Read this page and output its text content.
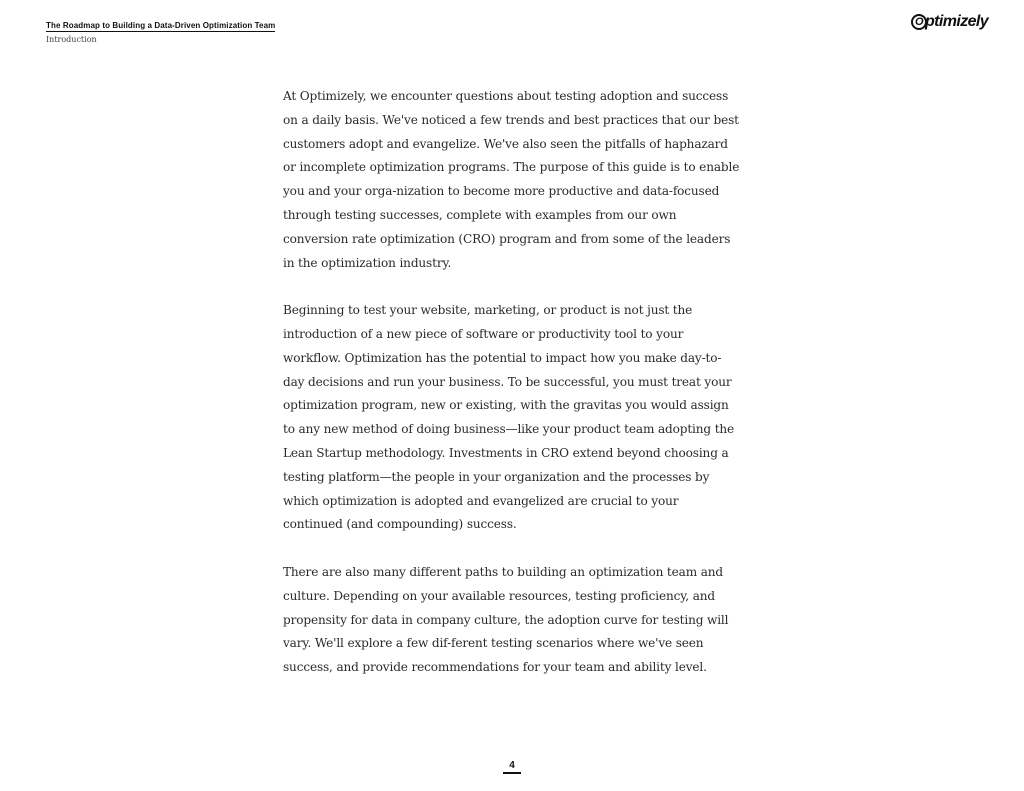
The Roadmap to Building a Data-Driven Optimization Team
Introduction
O ptimizely

At Optimizely, we encounter questions about testing adoption and success on a daily basis. We've noticed a few trends and best practices that our best customers adopt and evangelize. We've also seen the pitfalls of haphazard or incomplete optimization programs. The purpose of this guide is to enable you and your orga-nization to become more productive and data-focused through testing successes, complete with examples from our own conversion rate optimization (CRO) program and from some of the leaders in the optimization industry.

Beginning to test your website, marketing, or product is not just the introduction of a new piece of software or productivity tool to your workflow. Optimization has the potential to impact how you make day-to-day decisions and run your business. To be successful, you must treat your optimization program, new or existing, with the gravitas you would assign to any new method of doing business—like your product team adopting the Lean Startup methodology. Investments in CRO extend beyond choosing a testing platform—the people in your organization and the processes by which optimization is adopted and evangelized are crucial to your continued (and compounding) success.

There are also many different paths to building an optimization team and culture. Depending on your available resources, testing proficiency, and propensity for data in company culture, the adoption curve for testing will vary. We'll explore a few dif-ferent testing scenarios where we've seen success, and provide recommendations for your team and ability level.

4
